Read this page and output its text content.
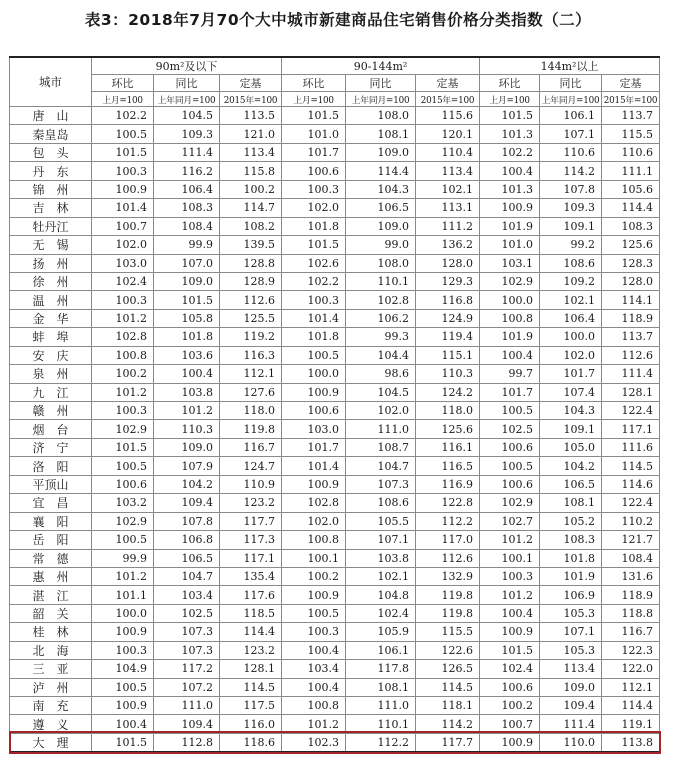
表3：2018年7月70个大中城市新建商品住宅销售价格分类指数（二）
城市	90m²及以下			90-144m²			144m²以上		
	环比	同比	定基	环比	同比	定基	环比	同比	定基
	上月=100	上年同月=100	2015年=100	上月=100	上年同月=100	2015年=100	上月=100	上年同月=100	2015年=100
唐　山	102.2	104.5	113.5	101.5	108.0	115.6	101.5	106.1	113.7
秦皇岛	100.5	109.3	121.0	101.0	108.1	120.1	101.3	107.1	115.5
包　头	101.5	111.4	113.4	101.7	109.0	110.4	102.2	110.6	110.6
丹　东	100.3	116.2	115.8	100.6	114.4	113.4	100.4	114.2	111.1
锦　州	100.9	106.4	100.2	100.3	104.3	102.1	101.3	107.8	105.6
吉　林	101.4	108.3	114.7	102.0	106.5	113.1	100.9	109.3	114.4
牡丹江	100.7	108.4	108.2	101.8	109.0	111.2	101.9	109.1	108.3
无　锡	102.0	99.9	139.5	101.5	99.0	136.2	101.0	99.2	125.6
扬　州	103.0	107.0	128.8	102.6	108.0	128.0	103.1	108.6	128.3
徐　州	102.4	109.0	128.9	102.2	110.1	129.3	102.9	109.2	128.0
温　州	100.3	101.5	112.6	100.3	102.8	116.8	100.0	102.1	114.1
金　华	101.2	105.8	125.5	101.4	106.2	124.9	100.8	106.4	118.9
蚌　埠	102.8	101.8	119.2	101.8	99.3	119.4	101.9	100.0	113.7
安　庆	100.8	103.6	116.3	100.5	104.4	115.1	100.4	102.0	112.6
泉　州	100.2	100.4	112.1	100.0	98.6	110.3	99.7	101.7	111.4
九　江	101.2	103.8	127.6	100.9	104.5	124.2	101.7	107.4	128.1
赣　州	100.3	101.2	118.0	100.6	102.0	118.0	100.5	104.3	122.4
烟　台	102.9	110.3	119.8	103.0	111.0	125.6	102.5	109.1	117.1
济　宁	101.5	109.0	116.7	101.7	108.7	116.1	100.6	105.0	111.6
洛　阳	100.5	107.9	124.7	101.4	104.7	116.5	100.5	104.2	114.5
平顶山	100.6	104.2	110.9	100.9	107.3	116.9	100.6	106.5	114.6
宜　昌	103.2	109.4	123.2	102.8	108.6	122.8	102.9	108.1	122.4
襄　阳	102.9	107.8	117.7	102.0	105.5	112.2	102.7	105.2	110.2
岳　阳	100.5	106.8	117.3	100.8	107.1	117.0	101.2	108.3	121.7
常　德	99.9	106.5	117.1	100.1	103.8	112.6	100.1	101.8	108.4
惠　州	101.2	104.7	135.4	100.2	102.1	132.9	100.3	101.9	131.6
湛　江	101.1	103.4	117.6	100.9	104.8	119.8	101.2	106.9	118.9
韶　关	100.0	102.5	118.5	100.5	102.4	119.8	100.4	105.3	118.8
桂　林	100.9	107.3	114.4	100.3	105.9	115.5	100.9	107.1	116.7
北　海	100.3	107.3	123.2	100.4	106.1	122.6	101.5	105.3	122.3
三　亚	104.9	117.2	128.1	103.4	117.8	126.5	102.4	113.4	122.0
泸　州	100.5	107.2	114.5	100.4	108.1	114.5	100.6	109.0	112.1
南　充	100.9	111.0	117.5	100.8	111.0	118.1	100.2	109.4	114.4
遵　义	100.4	109.4	116.0	101.2	110.1	114.2	100.7	111.4	119.1
大　理	101.5	112.8	118.6	102.3	112.2	117.7	100.9	110.0	113.8
